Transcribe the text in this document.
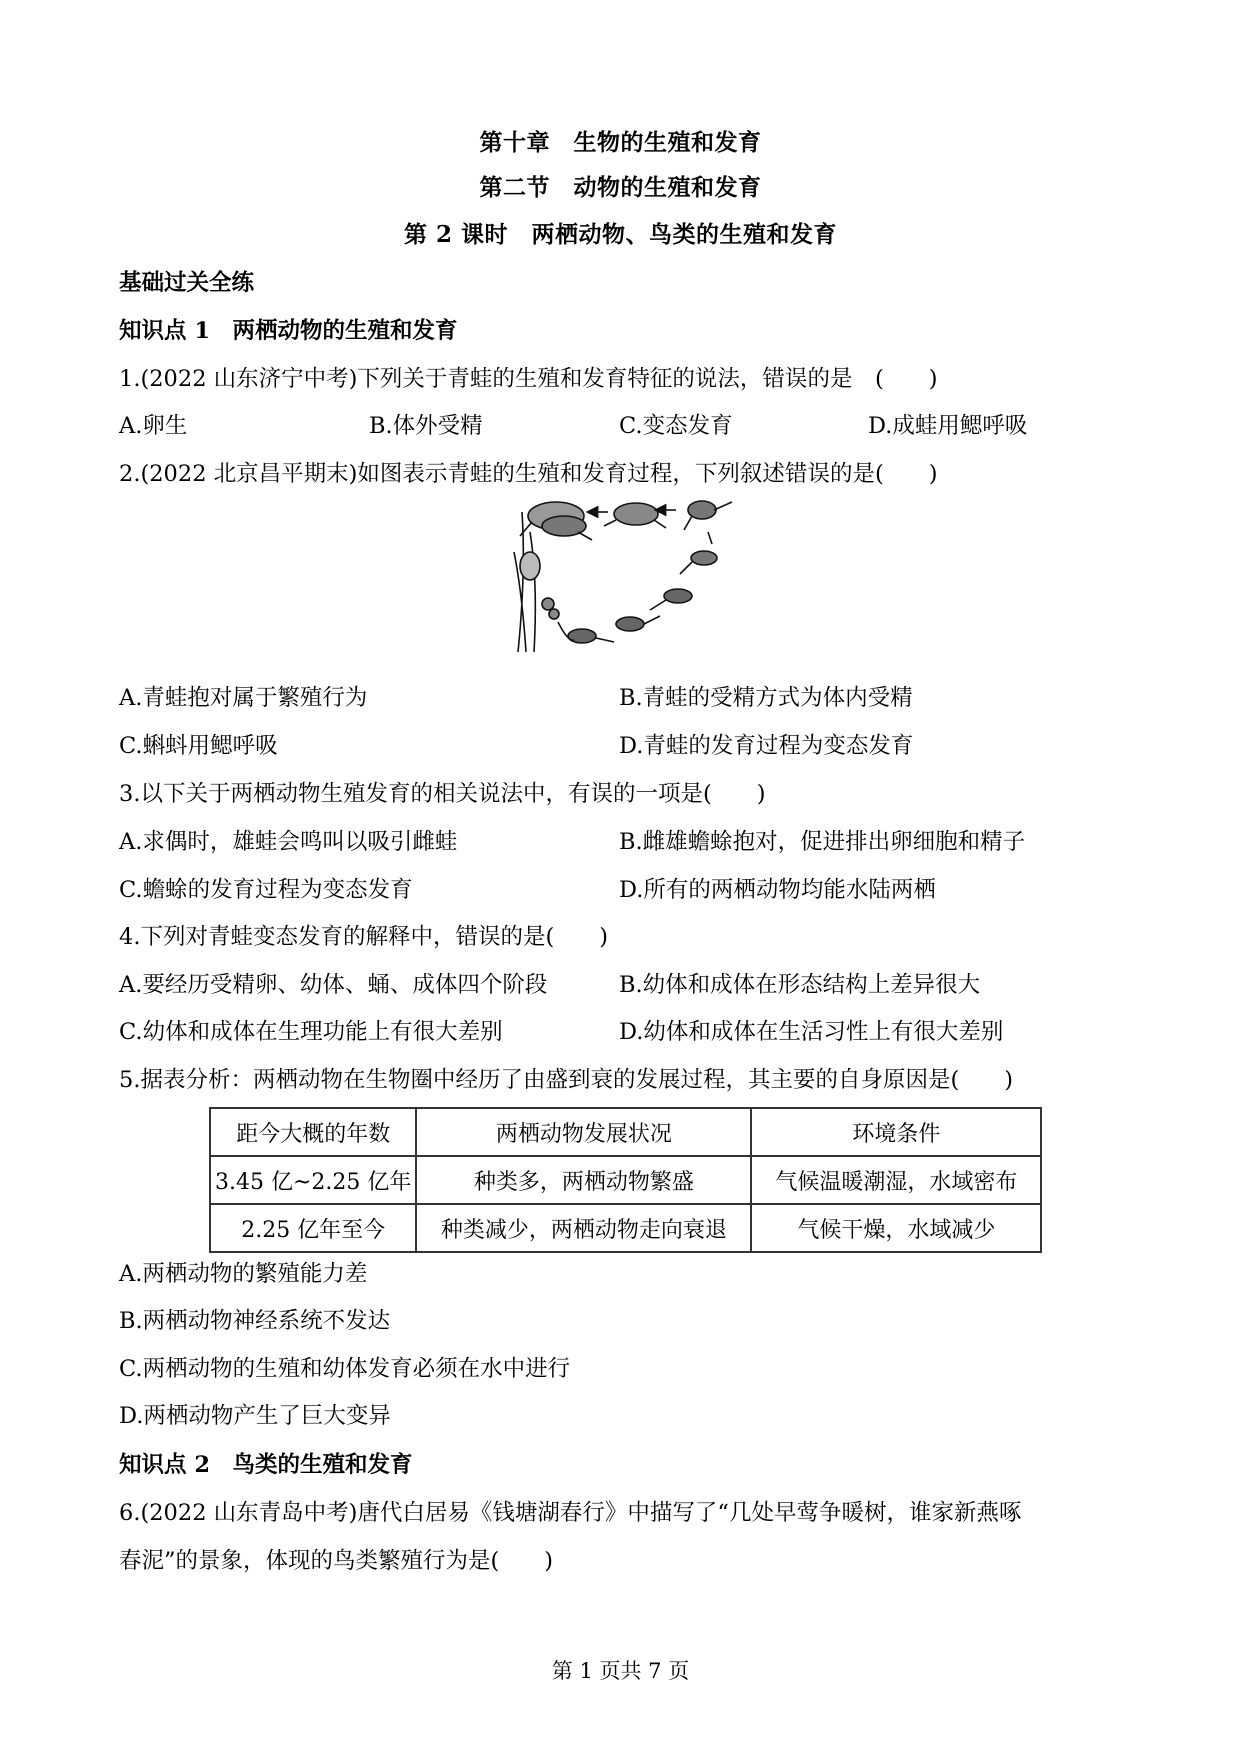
第十章　生物的生殖和发育
第二节　动物的生殖和发育
第 2 课时　两栖动物、鸟类的生殖和发育
基础过关全练
知识点 1　两栖动物的生殖和发育
1.(2022 山东济宁中考)下列关于青蛙的生殖和发育特征的说法，错误的是　(　　)
A.卵生	B.体外受精	C.变态发育	D.成蛙用鳃呼吸
2.(2022 北京昌平期末)如图表示青蛙的生殖和发育过程，下列叙述错误的是(　　)
A.青蛙抱对属于繁殖行为	B.青蛙的受精方式为体内受精
C.蝌蚪用鳃呼吸	D.青蛙的发育过程为变态发育
3.以下关于两栖动物生殖发育的相关说法中，有误的一项是(　　)
A.求偶时，雄蛙会鸣叫以吸引雌蛙	B.雌雄蟾蜍抱对，促进排出卵细胞和精子
C.蟾蜍的发育过程为变态发育	D.所有的两栖动物均能水陆两栖
4.下列对青蛙变态发育的解释中，错误的是(　　)
A.要经历受精卵、幼体、蛹、成体四个阶段	B.幼体和成体在形态结构上差异很大
C.幼体和成体在生理功能上有很大差别	D.幼体和成体在生活习性上有很大差别
5.据表分析：两栖动物在生物圈中经历了由盛到衰的发展过程，其主要的自身原因是(　　)
距今大概的年数	两栖动物发展状况	环境条件
3.45 亿~2.25 亿年	种类多，两栖动物繁盛	气候温暖潮湿，水域密布
2.25 亿年至今	种类减少，两栖动物走向衰退	气候干燥，水域减少
A.两栖动物的繁殖能力差
B.两栖动物神经系统不发达
C.两栖动物的生殖和幼体发育必须在水中进行
D.两栖动物产生了巨大变异
知识点 2　鸟类的生殖和发育
6.(2022 山东青岛中考)唐代白居易《钱塘湖春行》中描写了“几处早莺争暖树，谁家新燕啄
春泥”的景象，体现的鸟类繁殖行为是(　　)
第 1 页共 7 页
